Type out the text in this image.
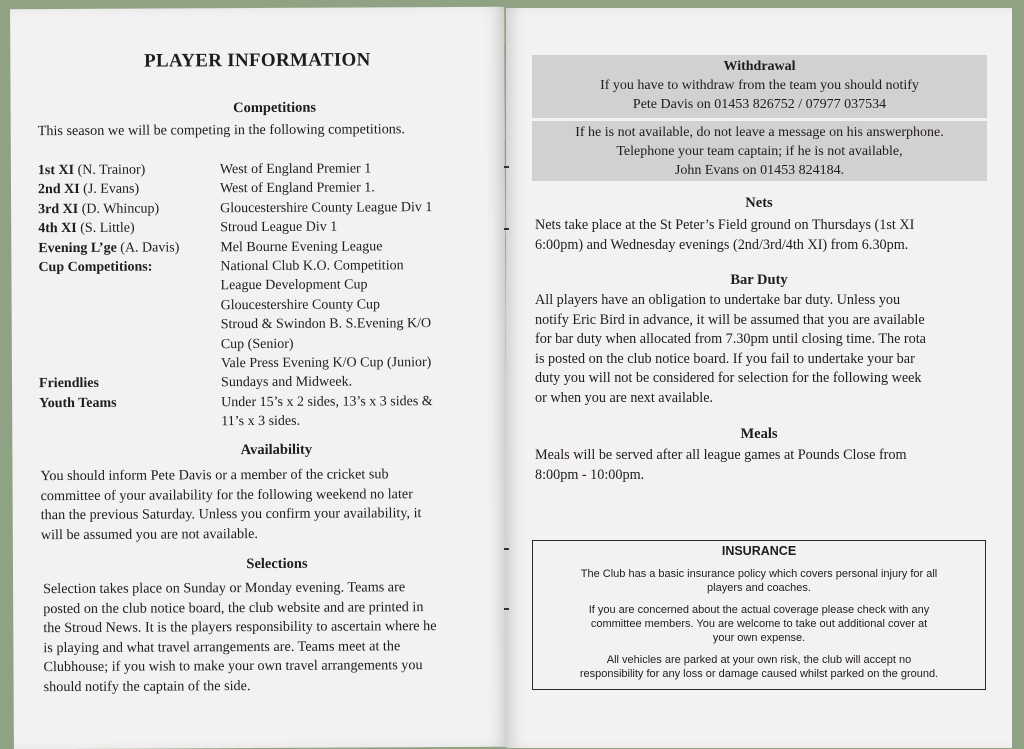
PLAYER INFORMATION
Competitions
This season we will be competing in the following competitions.
1st XI (N. Trainor)	West of England Premier 1
2nd XI (J. Evans)	West of England Premier 1.
3rd XI (D. Whincup)	Gloucestershire County League Div 1
4th XI (S. Little)	Stroud League Div 1
Evening L’ge (A. Davis)	Mel Bourne Evening League
Cup Competitions:	National Club K.O. Competition
League Development Cup
Gloucestershire County Cup
Stroud & Swindon B. S.Evening K/O
Cup (Senior)
Vale Press Evening K/O Cup (Junior)
Friendlies	Sundays and Midweek.
Youth Teams	Under 15’s x 2 sides, 13’s x 3 sides &
11’s x 3 sides.
Availability
You should inform Pete Davis or a member of the cricket sub
committee of your availability for the following weekend no later
than the previous Saturday. Unless you confirm your availability, it
will be assumed you are not available.
Selections
Selection takes place on Sunday or Monday evening. Teams are
posted on the club notice board, the club website and are printed in
the Stroud News. It is the players responsibility to ascertain where he
is playing and what travel arrangements are. Teams meet at the
Clubhouse; if you wish to make your own travel arrangements you
should notify the captain of the side.
Withdrawal
If you have to withdraw from the team you should notify
Pete Davis on 01453 826752 / 07977 037534
If he is not available, do not leave a message on his answerphone.
Telephone your team captain; if he is not available,
John Evans on 01453 824184.
Nets
Nets take place at the St Peter’s Field ground on Thursdays (1st XI
6:00pm) and Wednesday evenings (2nd/3rd/4th XI) from 6.30pm.
Bar Duty
All players have an obligation to undertake bar duty. Unless you
notify Eric Bird in advance, it will be assumed that you are available
for bar duty when allocated from 7.30pm until closing time. The rota
is posted on the club notice board. If you fail to undertake your bar
duty you will not be considered for selection for the following week
or when you are next available.
Meals
Meals will be served after all league games at Pounds Close from
8:00pm - 10:00pm.
INSURANCE

The Club has a basic insurance policy which covers personal injury for all
players and coaches.

If you are concerned about the actual coverage please check with any
committee members. You are welcome to take out additional cover at
your own expense.

All vehicles are parked at your own risk, the club will accept no
responsibility for any loss or damage caused whilst parked on the ground.
